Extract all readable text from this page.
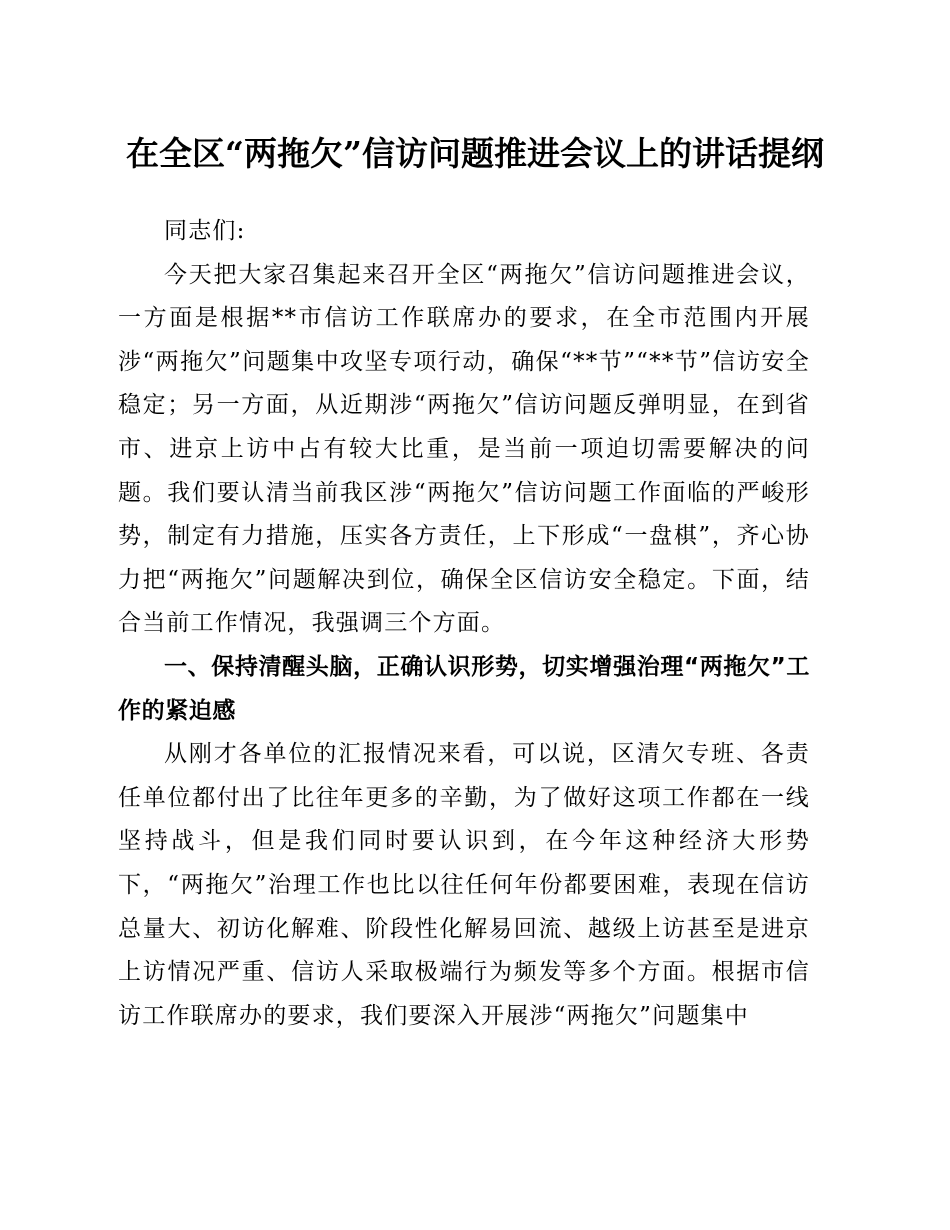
在全区“两拖欠”信访问题推进会议上的讲话提纲

同志们:

今天把大家召集起来召开全区“两拖欠”信访问题推进会议，一方面是根据**市信访工作联席办的要求，在全市范围内开展涉“两拖欠”问题集中攻坚专项行动，确保“**节”“**节”信访安全稳定；另一方面，从近期涉“两拖欠”信访问题反弹明显，在到省市、进京上访中占有较大比重，是当前一项迫切需要解决的问题。我们要认清当前我区涉“两拖欠”信访问题工作面临的严峻形势，制定有力措施，压实各方责任，上下形成“一盘棋”，齐心协力把“两拖欠”问题解决到位，确保全区信访安全稳定。下面，结合当前工作情况，我强调三个方面。

一、保持清醒头脑，正确认识形势，切实增强治理“两拖欠”工作的紧迫感

从刚才各单位的汇报情况来看，可以说，区清欠专班、各责任单位都付出了比往年更多的辛勤，为了做好这项工作都在一线坚持战斗，但是我们同时要认识到，在今年这种经济大形势下，“两拖欠”治理工作也比以往任何年份都要困难，表现在信访总量大、初访化解难、阶段性化解易回流、越级上访甚至是进京上访情况严重、信访人采取极端行为频发等多个方面。根据市信访工作联席办的要求，我们要深入开展涉“两拖欠”问题集中
